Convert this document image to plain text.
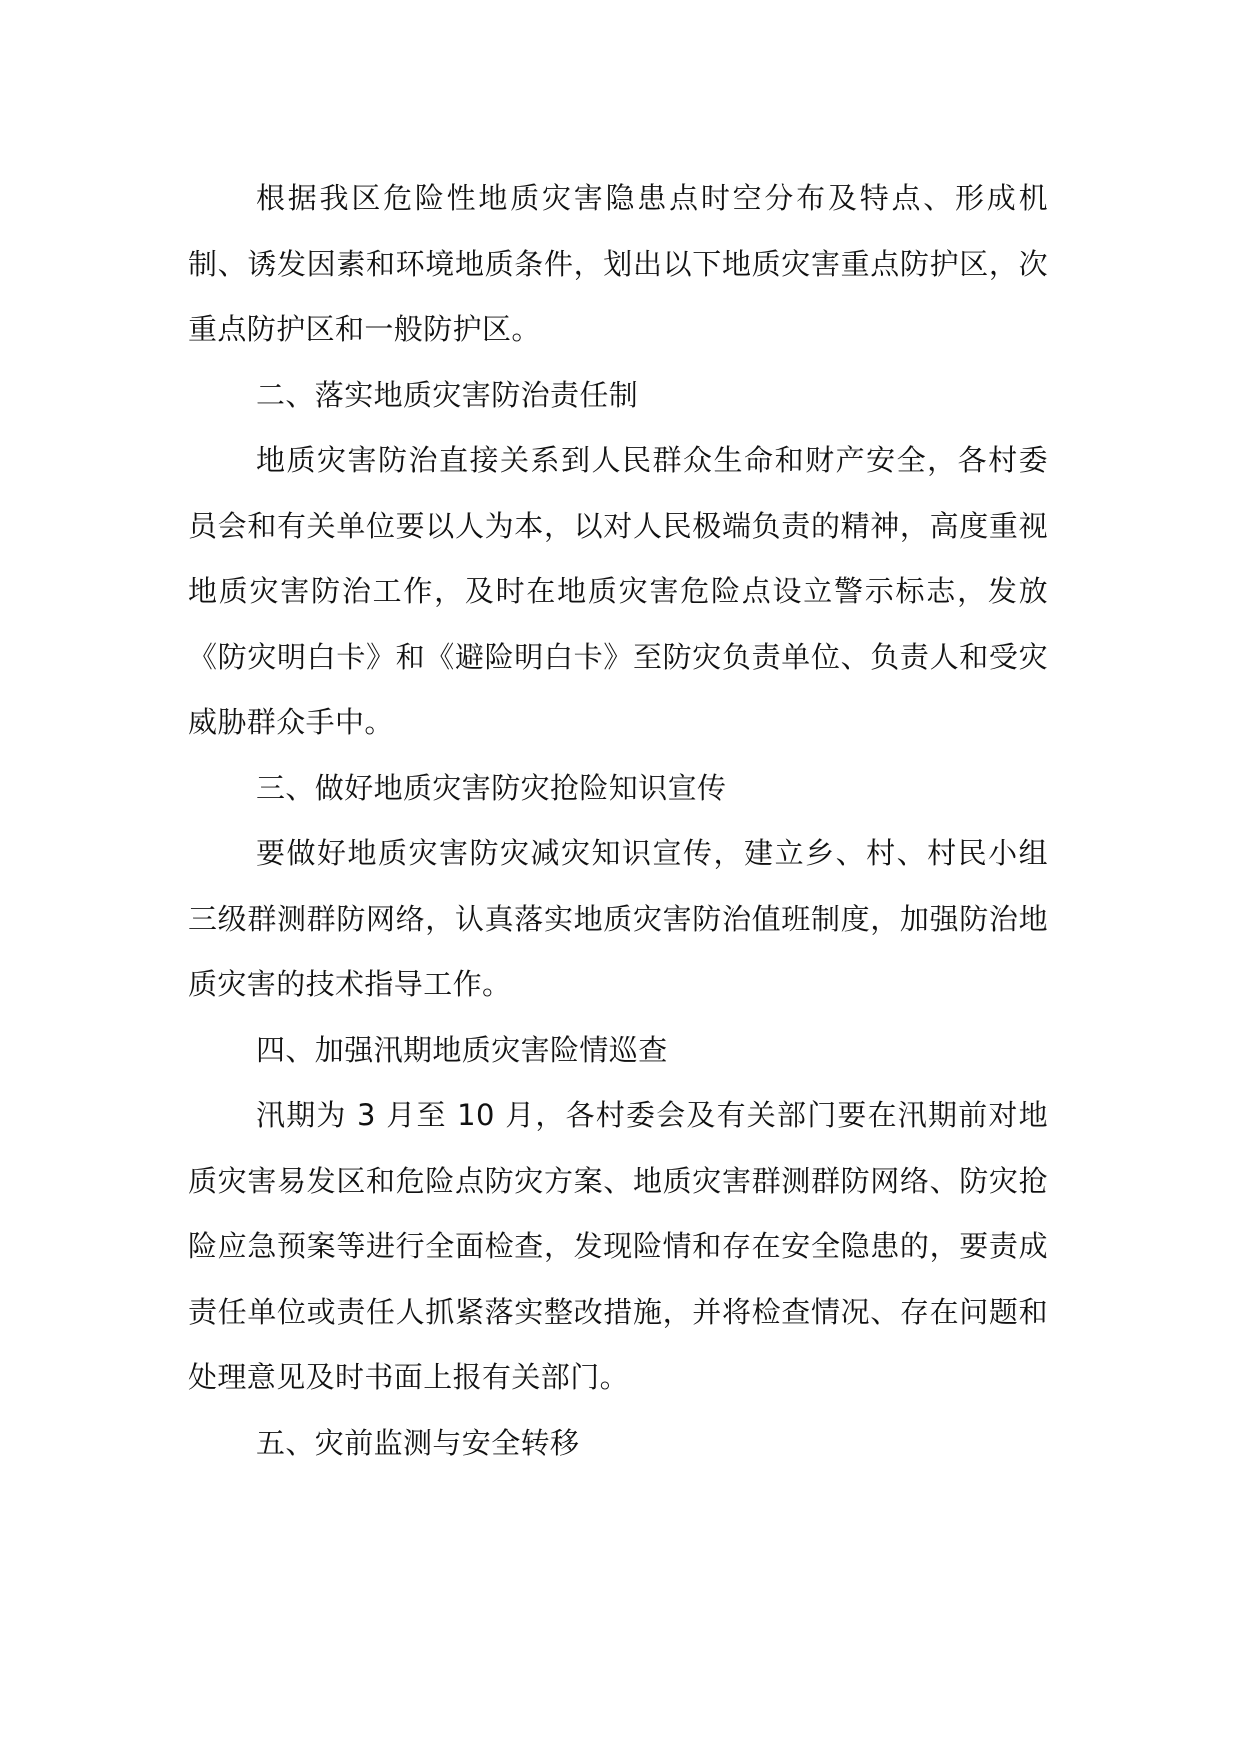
根据我区危险性地质灾害隐患点时空分布及特点、形成机制、诱发因素和环境地质条件，划出以下地质灾害重点防护区，次重点防护区和一般防护区。

二、落实地质灾害防治责任制

地质灾害防治直接关系到人民群众生命和财产安全，各村委员会和有关单位要以人为本，以对人民极端负责的精神，高度重视地质灾害防治工作，及时在地质灾害危险点设立警示标志，发放《防灾明白卡》和《避险明白卡》至防灾负责单位、负责人和受灾威胁群众手中。

三、做好地质灾害防灾抢险知识宣传

要做好地质灾害防灾减灾知识宣传，建立乡、村、村民小组三级群测群防网络，认真落实地质灾害防治值班制度，加强防治地质灾害的技术指导工作。

四、加强汛期地质灾害险情巡查

汛期为 3 月至 10 月，各村委会及有关部门要在汛期前对地质灾害易发区和危险点防灾方案、地质灾害群测群防网络、防灾抢险应急预案等进行全面检查，发现险情和存在安全隐患的，要责成责任单位或责任人抓紧落实整改措施，并将检查情况、存在问题和处理意见及时书面上报有关部门。

五、灾前监测与安全转移
